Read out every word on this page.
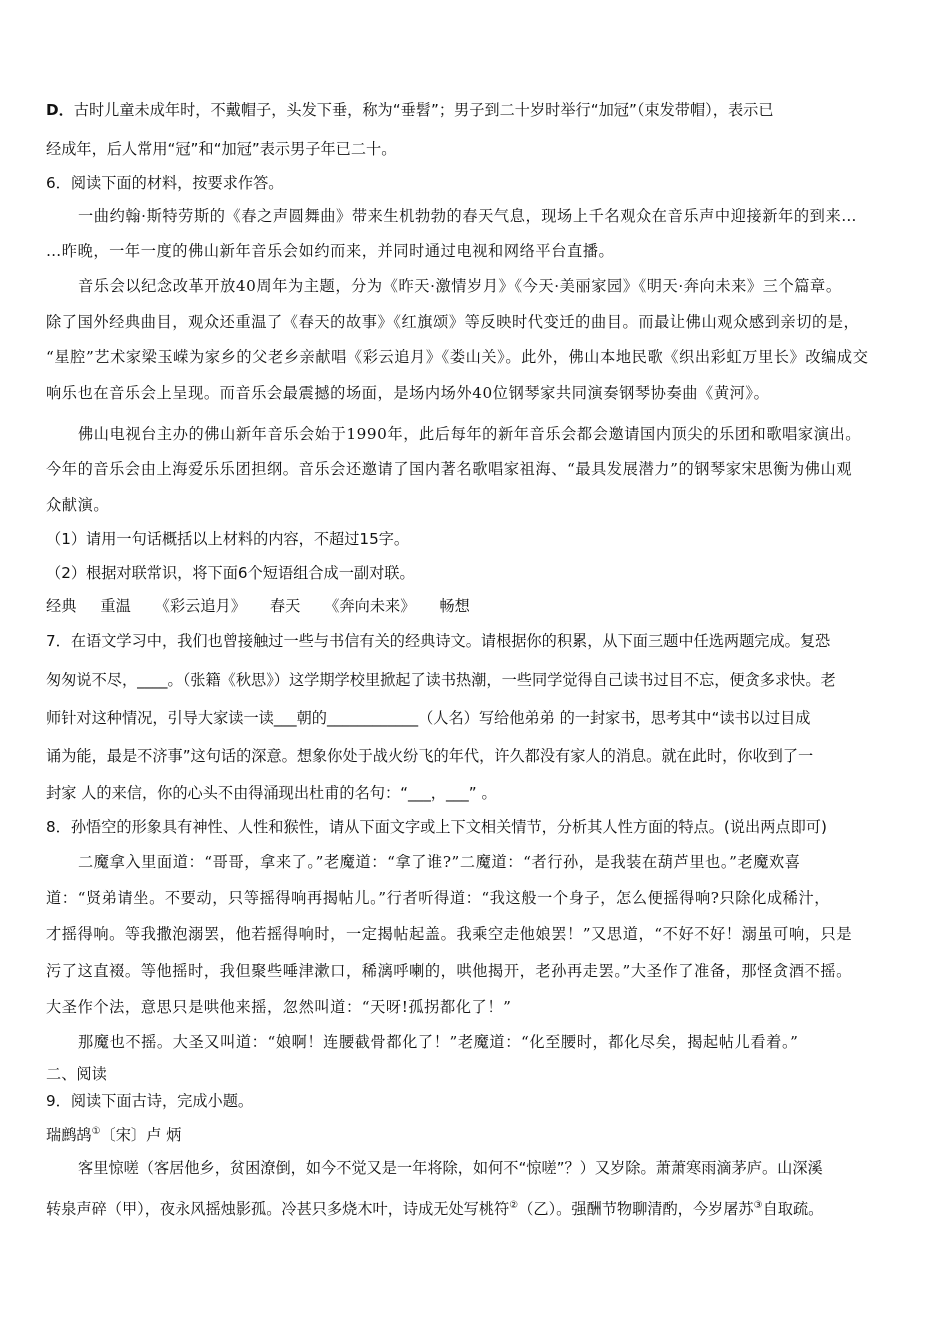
D．古时儿童未成年时，不戴帽子，头发下垂，称为“垂髫”；男子到二十岁时举行“加冠”（束发带帽），表示已
经成年，后人常用“冠”和“加冠”表示男子年已二十。
6．阅读下面的材料，按要求作答。
一曲约翰·斯特劳斯的《春之声圆舞曲》带来生机勃勃的春天气息，现场上千名观众在音乐声中迎接新年的到来…
…昨晚，一年一度的佛山新年音乐会如约而来，并同时通过电视和网络平台直播。
音乐会以纪念改革开放40周年为主题，分为《昨天·激情岁月》《今天·美丽家园》《明天·奔向未来》三个篇章。
除了国外经典曲目，观众还重温了《春天的故事》《红旗颂》等反映时代变迁的曲目。而最让佛山观众感到亲切的是，
“星腔”艺术家梁玉嵘为家乡的父老乡亲献唱《彩云追月》《娄山关》。此外，佛山本地民歌《织出彩虹万里长》改编成交
响乐也在音乐会上呈现。而音乐会最震撼的场面，是场内场外40位钢琴家共同演奏钢琴协奏曲《黄河》。
佛山电视台主办的佛山新年音乐会始于1990年，此后每年的新年音乐会都会邀请国内顶尖的乐团和歌唱家演出。
今年的音乐会由上海爱乐乐团担纲。音乐会还邀请了国内著名歌唱家祖海、“最具发展潜力”的钢琴家宋思衡为佛山观
众献演。
（1）请用一句话概括以上材料的内容，不超过15字。
（2）根据对联常识，将下面6个短语组合成一副对联。
经典 重温 《彩云追月》 春天 《奔向未来》 畅想
7．在语文学习中，我们也曾接触过一些与书信有关的经典诗文。请根据你的积累，从下面三题中任选两题完成。复恐
匆匆说不尽，____。（张籍《秋思》）这学期学校里掀起了读书热潮，一些同学觉得自己读书过目不忘，便贪多求快。老
师针对这种情况，引导大家读一读___朝的____________（人名）写给他弟弟 的一封家书，思考其中“读书以过目成
诵为能，最是不济事”这句话的深意。想象你处于战火纷飞的年代，许久都没有家人的消息。就在此时，你收到了一
封家 人的来信，你的心头不由得涌现出杜甫的名句：“___，___” 。
8．孙悟空的形象具有神性、人性和猴性，请从下面文字或上下文相关情节，分析其人性方面的特点。(说出两点即可)
二魔拿入里面道：“哥哥，拿来了。”老魔道：“拿了谁?”二魔道：“者行孙，是我装在葫芦里也。”老魔欢喜
道：“贤弟请坐。不要动，只等摇得响再揭帖儿。”行者听得道：“我这般一个身子，怎么便摇得响?只除化成稀汁，
才摇得响。等我撒泡溺罢，他若摇得响时，一定揭帖起盖。我乘空走他娘罢！”又思道，“不好不好！溺虽可响，只是
污了这直裰。等他摇时，我但聚些唾津漱口，稀漓呼喇的，哄他揭开，老孙再走罢。”大圣作了准备，那怪贪酒不摇。
大圣作个法，意思只是哄他来摇，忽然叫道：“天呀!孤拐都化了！”
那魔也不摇。大圣又叫道：“娘啊！连腰截骨都化了！”老魔道：“化至腰时，都化尽矣，揭起帖儿看着。”
二、阅读
9．阅读下面古诗，完成小题。
瑞鹧鸪①〔宋〕卢 炳
客里惊嗟（客居他乡，贫困潦倒，如今不觉又是一年将除，如何不“惊嗟”？）又岁除。萧萧寒雨滴茅庐。山深溪
转泉声碎（甲），夜永风摇烛影孤。冷甚只多烧木叶，诗成无处写桃符②（乙）。强酬节物聊清酌，今岁屠苏③自取疏。
